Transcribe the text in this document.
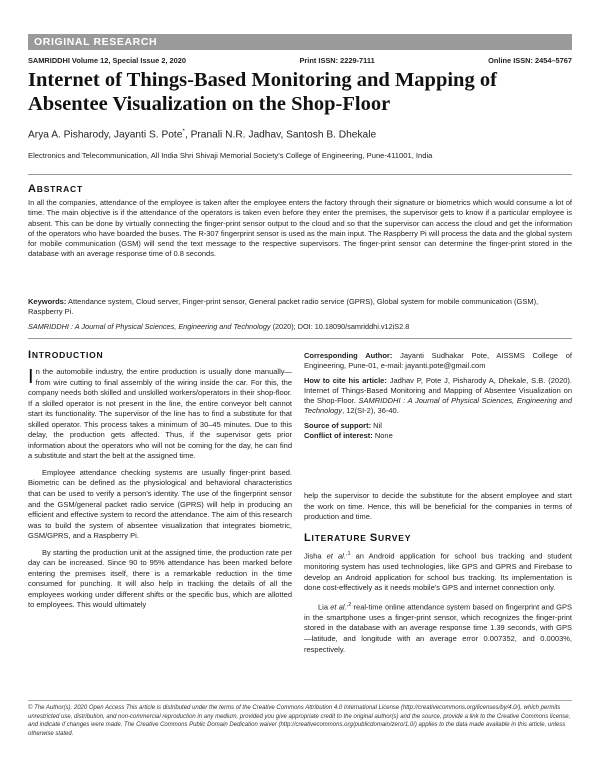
ORIGINAL RESEARCH
SAMRIDDHI Volume 12, Special Issue 2, 2020	Print ISSN: 2229-7111	Online ISSN: 2454–5767
Internet of Things-Based Monitoring and Mapping of Absentee Visualization on the Shop-Floor
Arya A. Pisharody, Jayanti S. Pote*, Pranali N.R. Jadhav, Santosh B. Dhekale
Electronics and Telecommunication, All India Shri Shivaji Memorial Society’s College of Engineering, Pune-411001, India
ABSTRACT

In all the companies, attendance of the employee is taken after the employee enters the factory through their signature or biometrics which would consume a lot of time. The main objective is if the attendance of the operators is taken even before they enter the premises, the supervisor gets to know if a particular employee is absent. This can be done by virtually connecting the finger-print sensor output to the cloud and so that the supervisor can access the cloud and get the information of the operators who have boarded the buses. The R-307 fingerprint sensor is used as the main input. The Raspberry Pi will process the data and the global system for mobile communication (GSM) will send the text message to the respective supervisors. The finger-print sensor can determine the finger-print stored in the database with an average response time of 0.8 seconds.

Keywords: Attendance system, Cloud server, Finger-print sensor, General packet radio service (GPRS), Global system for mobile communication (GSM), Raspberry Pi.

SAMRIDDHI : A Journal of Physical Sciences, Engineering and Technology (2020); DOI: 10.18090/samriddhi.v12iS2.8

INTRODUCTION

In the automobile industry, the entire production is usually done manually—from wire cutting to final assembly of the wiring inside the car. For this, the company needs both skilled and unskilled workers/operators in their shop-floor. If a skilled operator is not present in the line, the entire conveyor belt cannot start its functionality. The supervisor of the line has to find a substitute for that skilled operator. This process takes a minimum of 30–45 minutes. Due to this delay, the production gets affected. Thus, if the supervisor gets prior information about the operators who will not be coming for the day, he can find a substitute and start the belt at the assigned time.

Employee attendance checking systems are usually finger-print based. Biometric can be defined as the physiological and behavioral characteristics that can be used to verify a person’s identity. The use of the fingerprint sensor and the GSM/general packet radio service (GPRS) will help in producing an efficient and effective system to record the attendance. The aim of this research was to build the system of absentee visualization that integrates biometric, GSM/GPRS, and a Raspberry Pi.

By starting the production unit at the assigned time, the production rate per day can be increased. Since 90 to 95% attendance has been marked before entering the premises itself, there is a remarkable reduction in the time consumed for punching. It will also help in tracking the details of all the employees working under different shifts or the specific bus, which are allotted to employees. This would ultimately

Corresponding Author: Jayanti Sudhakar Pote, AISSMS College of Engineering, Pune-01, e-mail: jayanti.pote@gmail.com
How to cite his article: Jadhav P, Pote J, Pisharody A, Dhekale, S.B. (2020). Internet of Things-Based Monitoring and Mapping of Absentee Visualization on the Shop-Floor. SAMRIDDHI : A Journal of Physical Sciences, Engineering and Technology, 12(SI-2), 36-40.
Source of support: Nil
Conflict of interest: None

help the supervisor to decide the substitute for the absent employee and start the work on time. Hence, this will be beneficial for the companies in terms of production and time.

LITERATURE SURVEY

Jisha et al.$^{,1}$ an Android application for school bus tracking and student monitoring system has used technologies, like GPS and GPRS and Firebase to develop an Android application for school bus tracking. Its implementation is done cost-effectively as it needs mobile’s GPS and internet connection only.

Lia et al.$^{,2}$ real-time online attendance system based on fingerprint and GPS in the smartphone uses a finger-print sensor, which recognizes the finger-print stored in the database with an average response time 1.39 seconds, with GPS—latitude, and longitude with an average error 0.007352, and 0.0003%, respectively.

© The Author(s). 2020 Open Access This article is distributed under the terms of the Creative Commons Attribution 4.0 International License (http://creativecommons.org/licenses/by/4.0/), which permits unrestricted use, distribution, and non-commercial reproduction in any medium, provided you give appropriate credit to the original author(s) and the source, provide a link to the Creative Commons license, and indicate if changes were made. The Creative Commons Public Domain Dedication waiver (http://creativecommons.org/publicdomain/zero/1.0/) applies to the data made available in this article, unless otherwise stated.
